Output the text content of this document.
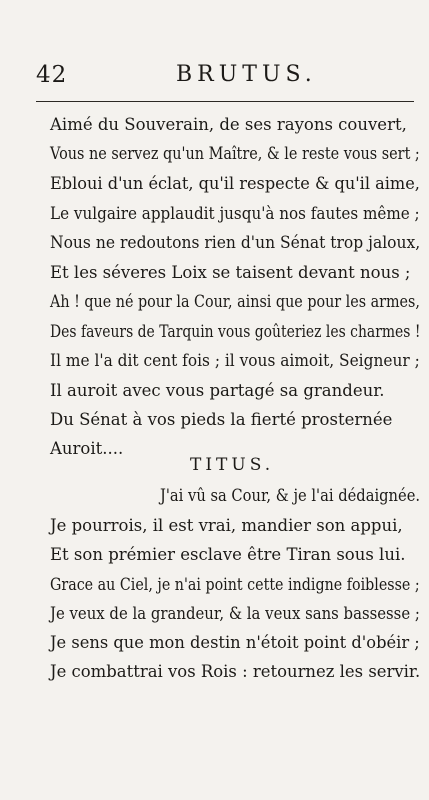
42	BRUTUS.
Aimé du Souverain, de ses rayons couvert,
Vous ne servez qu'un Maître, & le reste vous sert ;
Ebloui d'un éclat, qu'il respecte & qu'il aime,
Le vulgaire applaudit jusqu'à nos fautes même ;
Nous ne redoutons rien d'un Sénat trop jaloux,
Et les séveres Loix se taisent devant nous ;
Ah ! que né pour la Cour, ainsi que pour les armes,
Des faveurs de Tarquin vous goûteriez les charmes !
Il me l'a dit cent fois ; il vous aimoit, Seigneur ;
Il auroit avec vous partagé sa grandeur.
Du Sénat à vos pieds la fierté prosternée
Auroit....
TITUS.
J'ai vû sa Cour, & je l'ai dédaignée.
Je pourrois, il est vrai, mandier son appui,
Et son prémier esclave être Tiran sous lui.
Grace au Ciel, je n'ai point cette indigne foiblesse ;
Je veux de la grandeur, & la veux sans bassesse ;
Je sens que mon destin n'étoit point d'obéir ;
Je combattrai vos Rois : retournez les servir.
